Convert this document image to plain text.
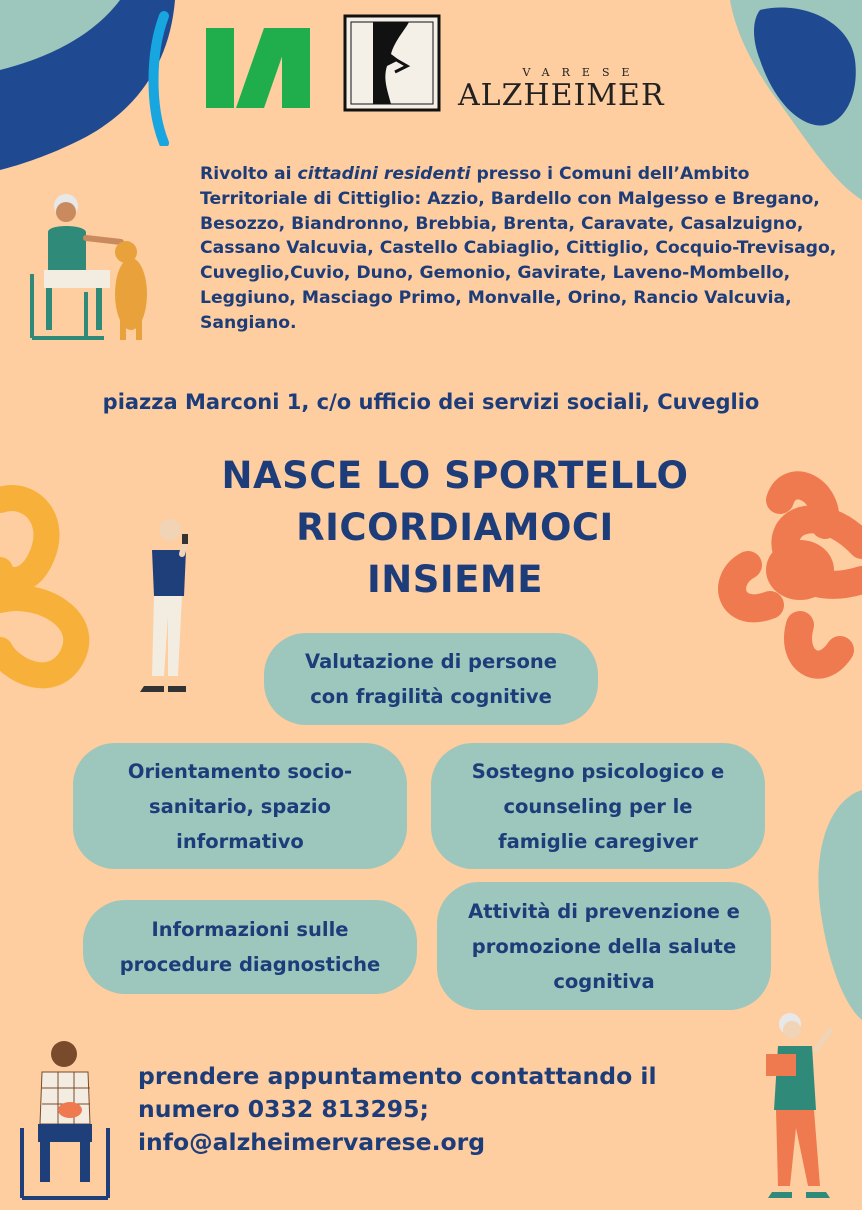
VARESE
ALZHEIMER
Rivolto ai cittadini residenti presso i Comuni dell’Ambito Territoriale di Cittiglio: Azzio, Bardello con Malgesso e Bregano, Besozzo, Biandronno, Brebbia, Brenta, Caravate, Casalzuigno, Cassano Valcuvia, Castello Cabiaglio, Cittiglio, Cocquio-Trevisago, Cuveglio,Cuvio, Duno, Gemonio, Gavirate, Laveno-Mombello, Leggiuno, Masciago Primo, Monvalle, Orino, Rancio Valcuvia, Sangiano.
piazza Marconi 1, c/o ufficio dei servizi sociali, Cuveglio
NASCE LO SPORTELLO
RICORDIAMOCI
INSIEME
Valutazione di persone
con fragilità cognitive
Orientamento socio-
sanitario, spazio
informativo
Sostegno psicologico e
counseling per le
famiglie caregiver
Informazioni sulle
procedure diagnostiche
Attività di prevenzione e
promozione della salute
cognitiva
prendere appuntamento contattando il
numero 0332 813295;
info@alzheimervarese.org
